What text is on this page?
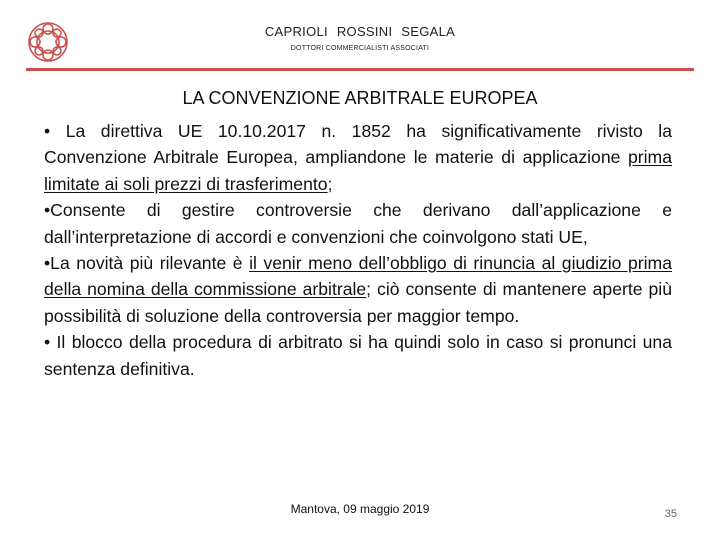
CAPRIOLI ROSSINI SEGALA
DOTTORI COMMERCIALISTI ASSOCIATI
LA CONVENZIONE ARBITRALE EUROPEA

• La direttiva UE 10.10.2017 n. 1852 ha significativamente rivisto la Convenzione Arbitrale Europea, ampliandone le materie di applicazione prima limitate ai soli prezzi di trasferimento;

•Consente di gestire controversie che derivano dall’applicazione e dall’interpretazione di accordi e convenzioni che coinvolgono stati UE,

•La novità più rilevante è il venir meno dell’obbligo di rinuncia al giudizio prima della nomina della commissione arbitrale; ciò consente di mantenere aperte più possibilità di soluzione della controversia per maggior tempo.

• Il blocco della procedura di arbitrato si ha quindi solo in caso si pronunci una sentenza definitiva.

Mantova, 09 maggio 2019	35
